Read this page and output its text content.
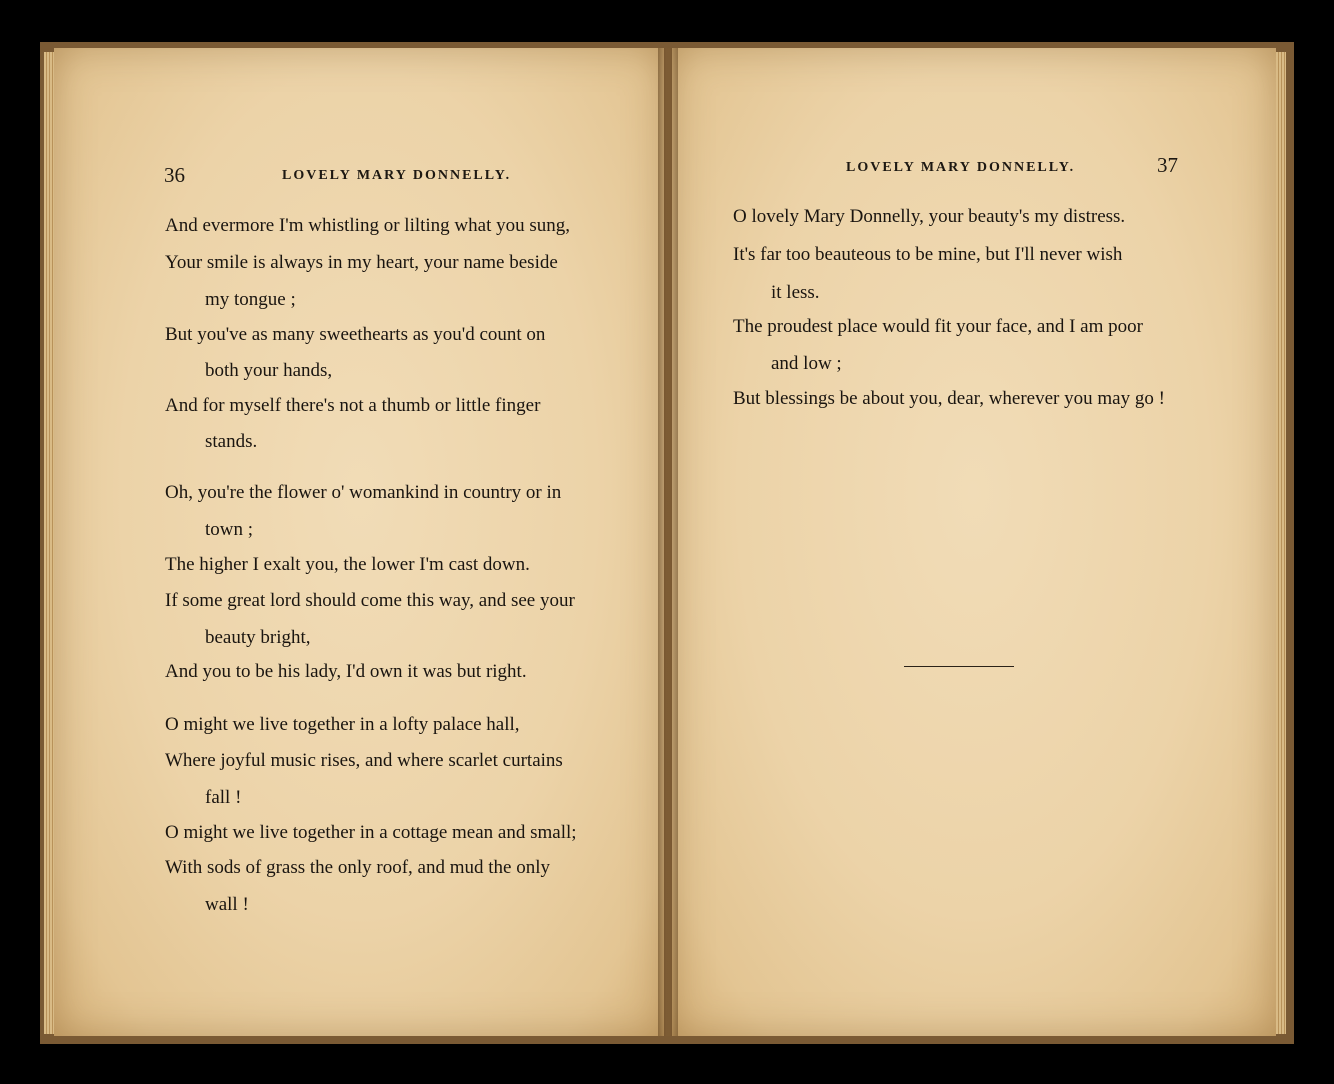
36	LOVELY MARY DONNELLY.
And evermore I'm whistling or lilting what you sung,
Your smile is always in my heart, your name beside
my tongue ;
But you've as many sweethearts as you'd count on
both your hands,
And for myself there's not a thumb or little finger
stands.
Oh, you're the flower o' womankind in country or in
town ;
The higher I exalt you, the lower I'm cast down.
If some great lord should come this way, and see your
beauty bright,
And you to be his lady, I'd own it was but right.
O might we live together in a lofty palace hall,
Where joyful music rises, and where scarlet curtains
fall !
O might we live together in a cottage mean and small;
With sods of grass the only roof, and mud the only
wall !
LOVELY MARY DONNELLY.	37
O lovely Mary Donnelly, your beauty's my distress.
It's far too beauteous to be mine, but I'll never wish
it less.
The proudest place would fit your face, and I am poor
and low ;
But blessings be about you, dear, wherever you may go !
